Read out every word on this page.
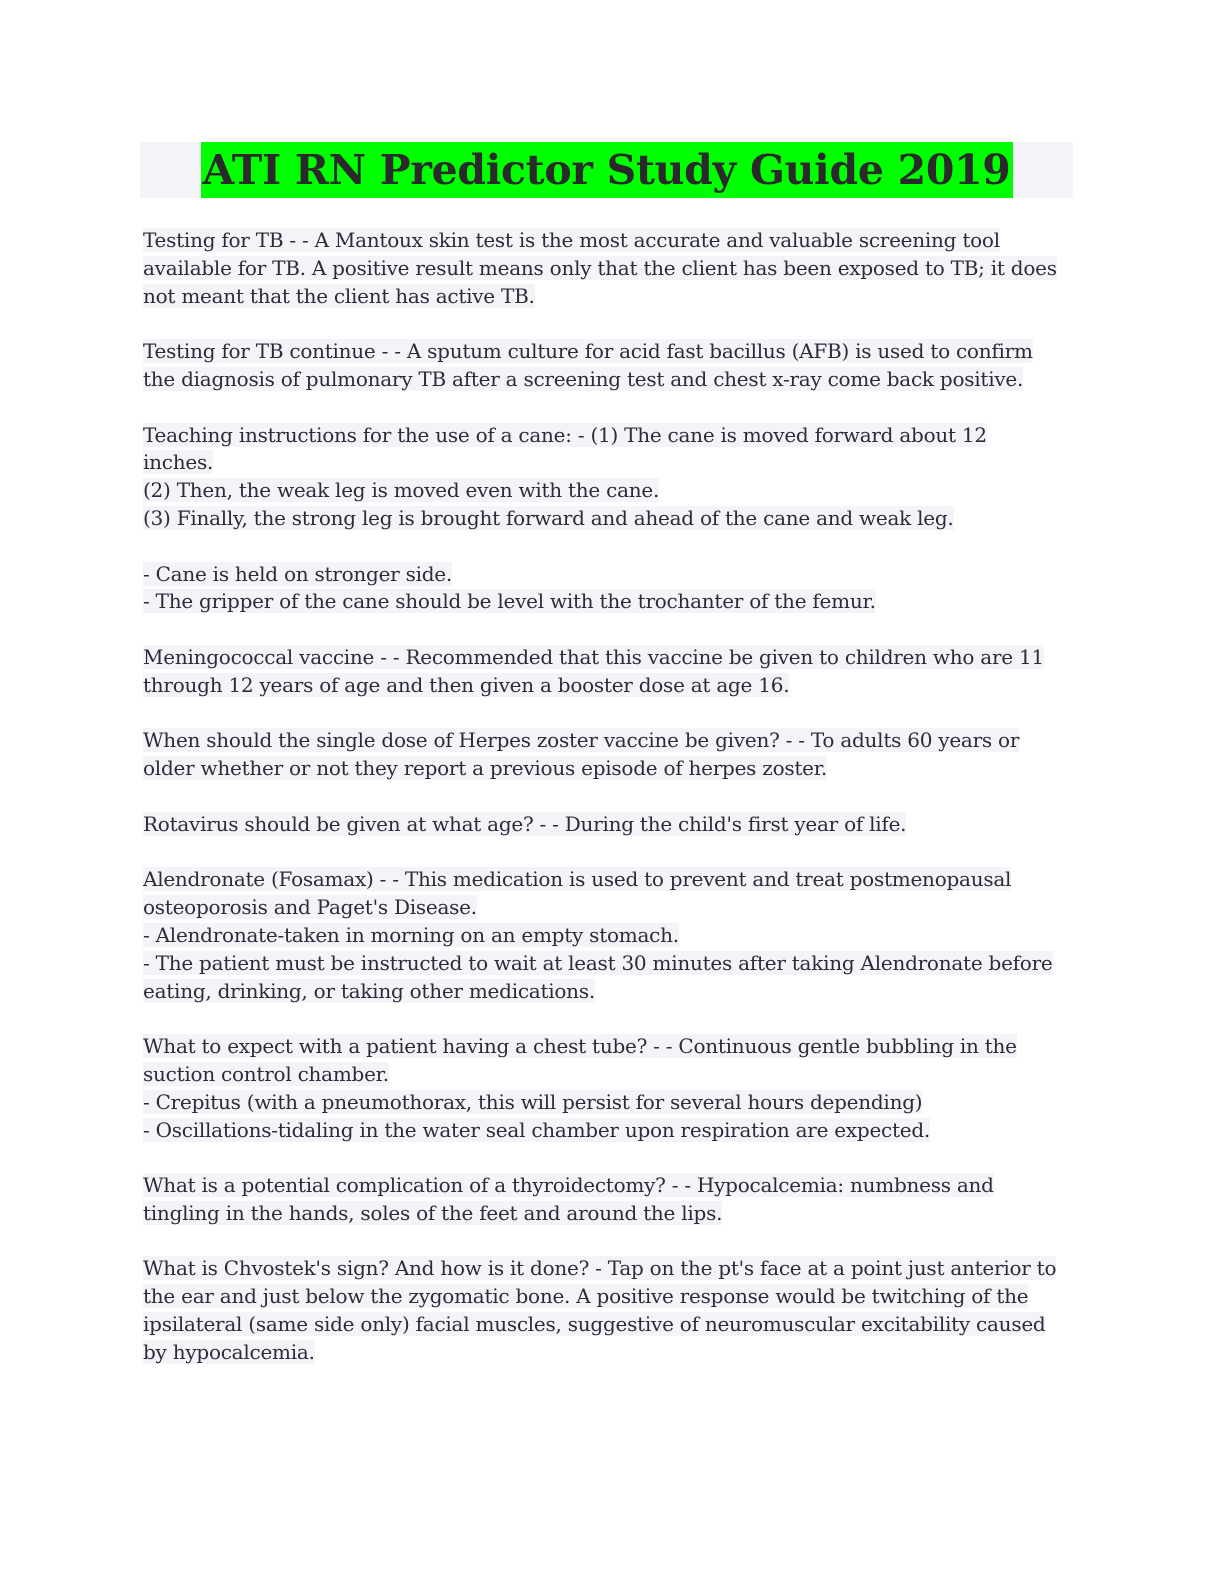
ATI RN Predictor Study Guide 2019
Testing for TB - - A Mantoux skin test is the most accurate and valuable screening tool
available for TB. A positive result means only that the client has been exposed to TB; it does
not meant that the client has active TB.
Testing for TB continue - - A sputum culture for acid fast bacillus (AFB) is used to confirm
the diagnosis of pulmonary TB after a screening test and chest x-ray come back positive.
Teaching instructions for the use of a cane: - (1) The cane is moved forward about 12
inches.
(2) Then, the weak leg is moved even with the cane.
(3) Finally, the strong leg is brought forward and ahead of the cane and weak leg.
- Cane is held on stronger side.
- The gripper of the cane should be level with the trochanter of the femur.
Meningococcal vaccine - - Recommended that this vaccine be given to children who are 11
through 12 years of age and then given a booster dose at age 16.
When should the single dose of Herpes zoster vaccine be given? - - To adults 60 years or
older whether or not they report a previous episode of herpes zoster.
Rotavirus should be given at what age? - - During the child's first year of life.
Alendronate (Fosamax) - - This medication is used to prevent and treat postmenopausal
osteoporosis and Paget's Disease.
- Alendronate-taken in morning on an empty stomach.
- The patient must be instructed to wait at least 30 minutes after taking Alendronate before
eating, drinking, or taking other medications.
What to expect with a patient having a chest tube? - - Continuous gentle bubbling in the
suction control chamber.
- Crepitus (with a pneumothorax, this will persist for several hours depending)
- Oscillations-tidaling in the water seal chamber upon respiration are expected.
What is a potential complication of a thyroidectomy? - - Hypocalcemia: numbness and
tingling in the hands, soles of the feet and around the lips.
What is Chvostek's sign? And how is it done? - Tap on the pt's face at a point just anterior to
the ear and just below the zygomatic bone. A positive response would be twitching of the
ipsilateral (same side only) facial muscles, suggestive of neuromuscular excitability caused
by hypocalcemia.
